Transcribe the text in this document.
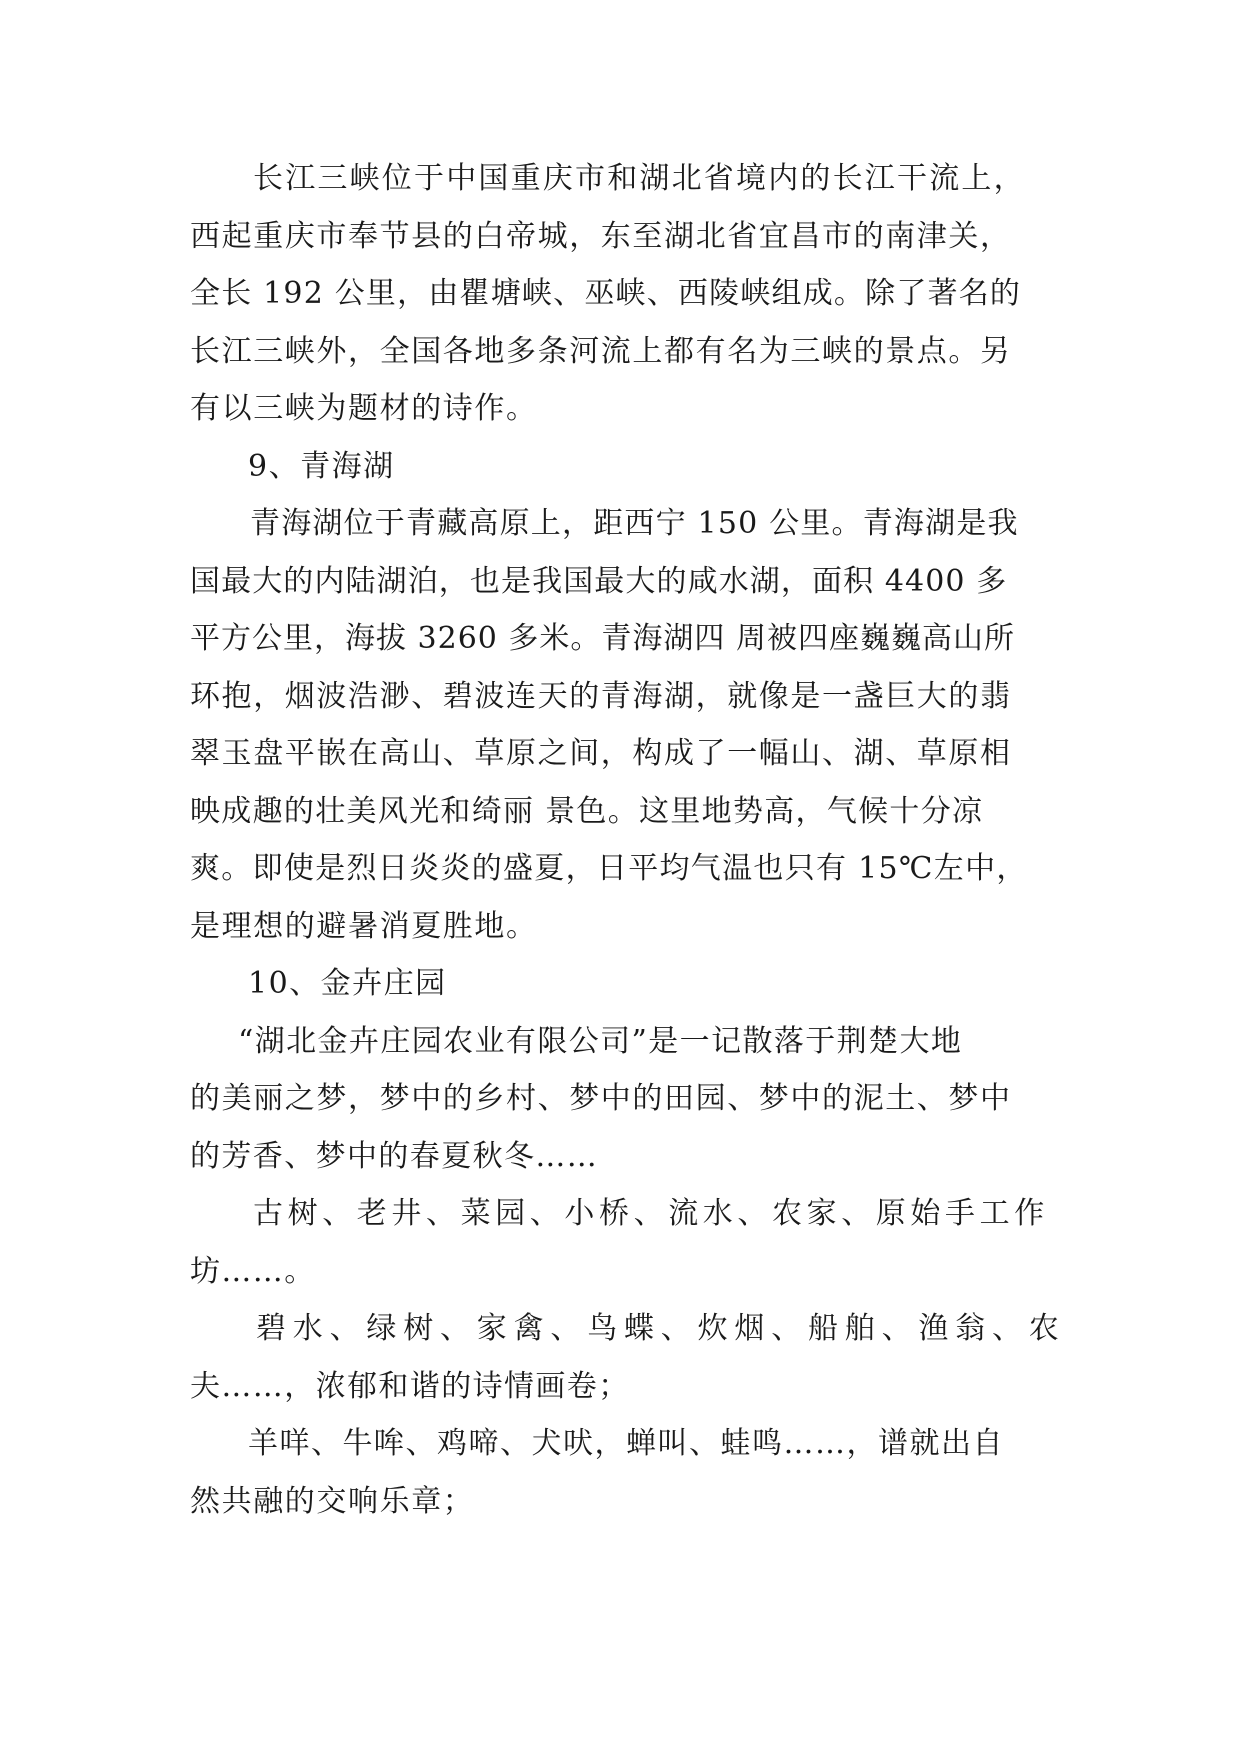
长江三峡位于中国重庆市和湖北省境内的长江干流上，
西起重庆市奉节县的白帝城，东至湖北省宜昌市的南津关，
全长 192 公里，由瞿塘峡、巫峡、西陵峡组成。除了著名的
长江三峡外，全国各地多条河流上都有名为三峡的景点。另
有以三峡为题材的诗作。
9、青海湖
青海湖位于青藏高原上，距西宁 150 公里。青海湖是我
国最大的内陆湖泊，也是我国最大的咸水湖，面积 4400 多
平方公里，海拔 3260 多米。青海湖四 周被四座巍巍高山所
环抱，烟波浩渺、碧波连天的青海湖，就像是一盏巨大的翡
翠玉盘平嵌在高山、草原之间，构成了一幅山、湖、草原相
映成趣的壮美风光和绮丽 景色。这里地势高，气候十分凉
爽。即使是烈日炎炎的盛夏，日平均气温也只有 15℃左中，
是理想的避暑消夏胜地。
10、金卉庄园
“湖北金卉庄园农业有限公司”是一记散落于荆楚大地
的美丽之梦，梦中的乡村、梦中的田园、梦中的泥土、梦中
的芳香、梦中的春夏秋冬……
古树、老井、菜园、小桥、流水、农家、原始手工作
坊……。
碧水、绿树、家禽、鸟蝶、炊烟、船舶、渔翁、农
夫……，浓郁和谐的诗情画卷；
羊咩、牛哞、鸡啼、犬吠，蝉叫、蛙鸣……，谱就出自
然共融的交响乐章；
